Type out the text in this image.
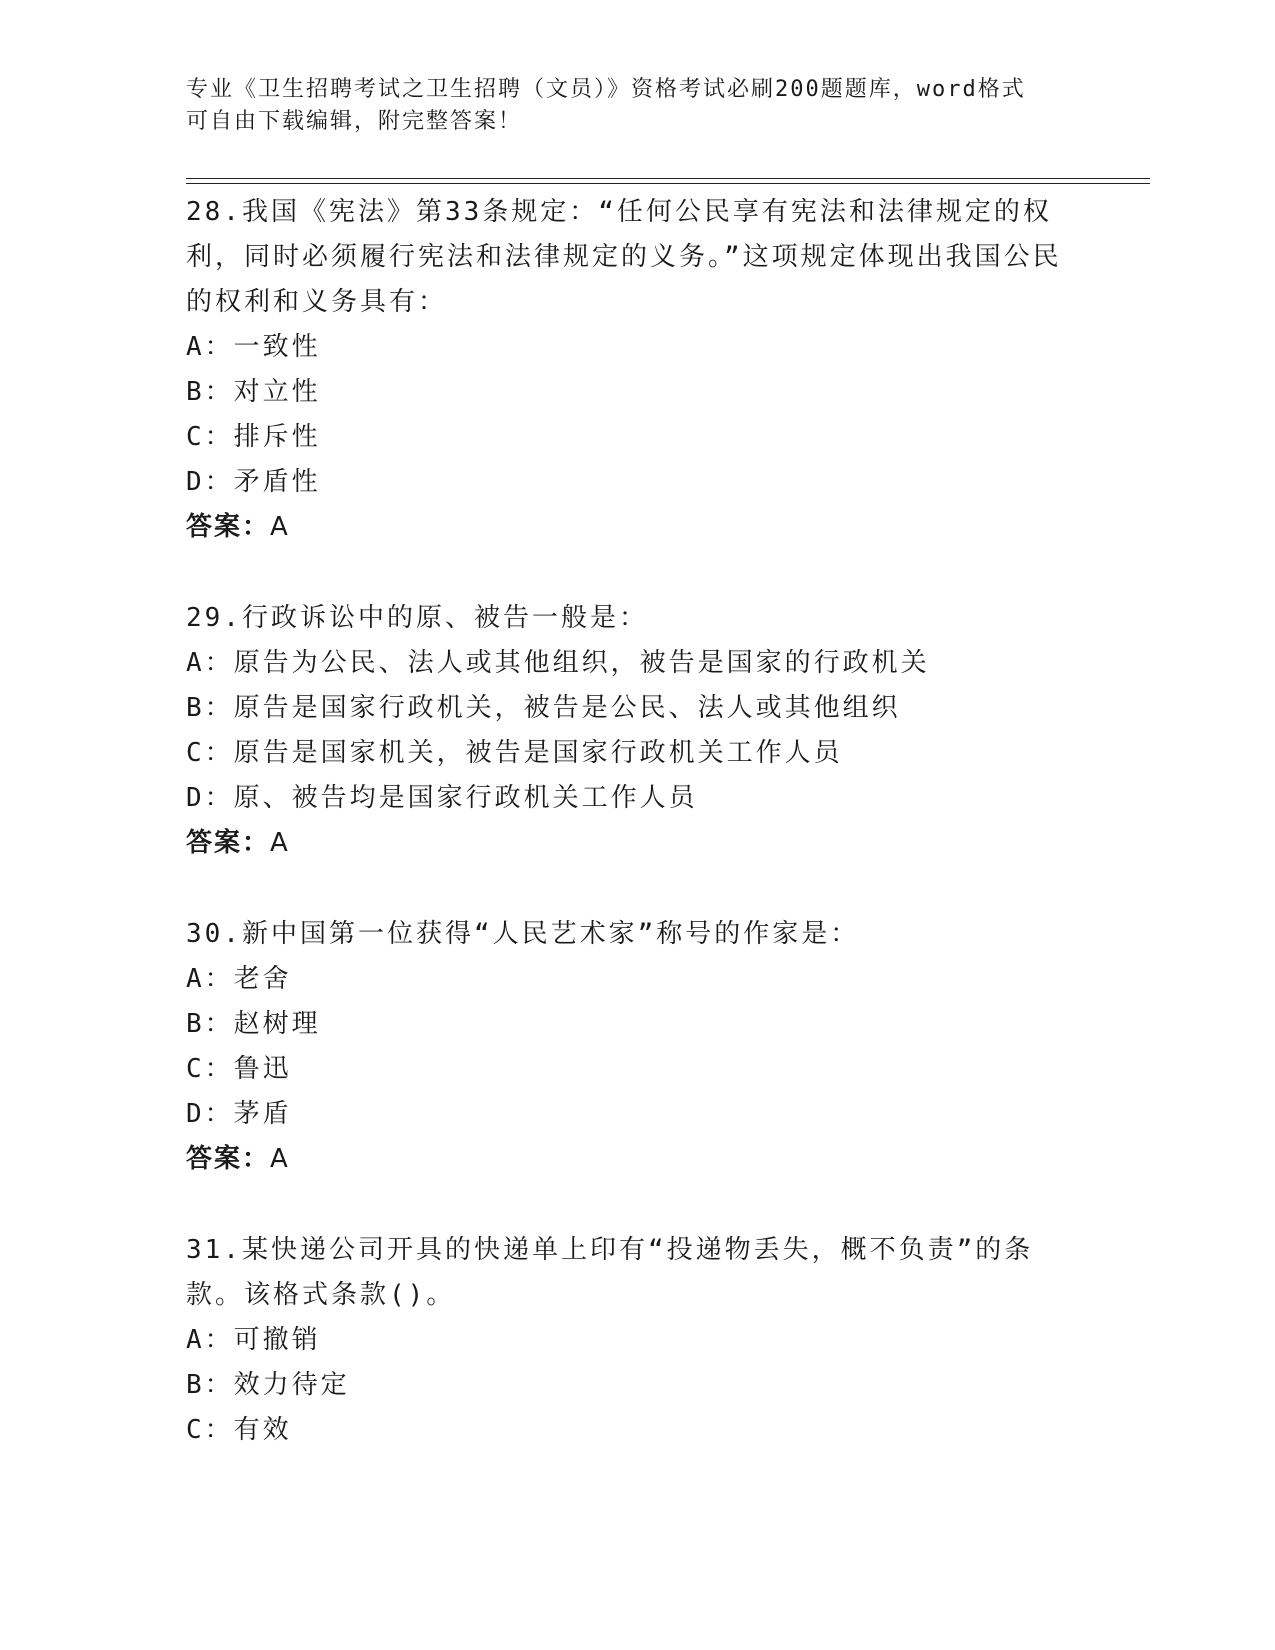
专业《卫生招聘考试之卫生招聘（文员）》资格考试必刷200题题库，word格式
可自由下载编辑，附完整答案！
28.我国《宪法》第33条规定：“任何公民享有宪法和法律规定的权利，同时必须履行宪法和法律规定的义务。”这项规定体现出我国公民的权利和义务具有：
A：一致性
B：对立性
C：排斥性
D：矛盾性
答案：A
29.行政诉讼中的原、被告一般是：
A：原告为公民、法人或其他组织，被告是国家的行政机关
B：原告是国家行政机关，被告是公民、法人或其他组织
C：原告是国家机关，被告是国家行政机关工作人员
D：原、被告均是国家行政机关工作人员
答案：A
30.新中国第一位获得“人民艺术家”称号的作家是：
A：老舍
B：赵树理
C：鲁迅
D：茅盾
答案：A
31.某快递公司开具的快递单上印有“投递物丢失，概不负责”的条款。该格式条款()。
A：可撤销
B：效力待定
C：有效
